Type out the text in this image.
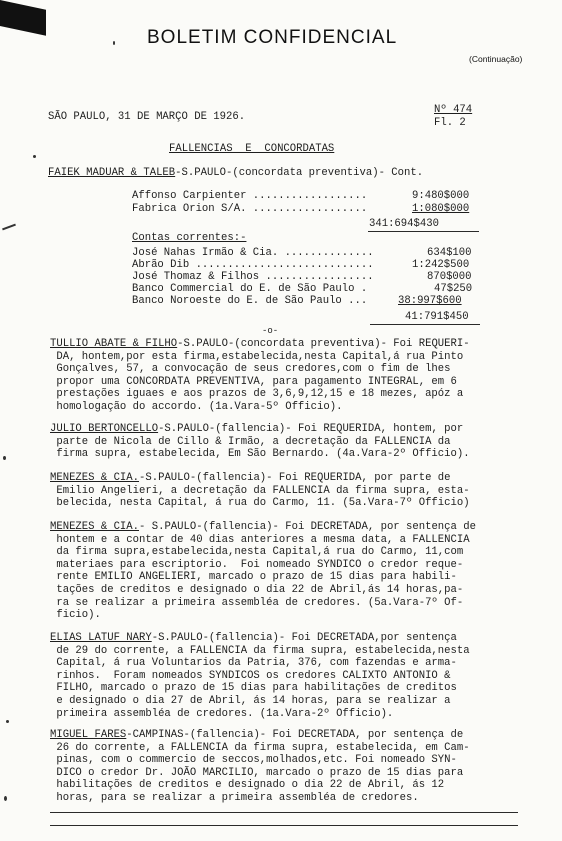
BOLETIM CONFIDENCIAL
(Continuação)
SÃO PAULO, 31 DE MARÇO DE 1926.
Nº 474
Fl. 2
FALLENCIAS  E  CONCORDATAS
FAIEK MADUAR & TALEB-S.PAULO-(concordata preventiva)- Cont.
Affonso Carpienter ..................	9:480$000
Fabrica Orion S/A. ..................	1:080$000
341:694$430
Contas correntes:-
José Nahas Irmão & Cia. ..............	634$100
Abrão Dib ............................	1:242$500
José Thomaz & Filhos .................	870$000
Banco Commercial do E. de São Paulo .	47$250
Banco Noroeste do E. de São Paulo ...	38:997$600
41:791$450
-o-
TULLIO ABATE & FILHO-S.PAULO-(concordata preventiva)- Foi REQUERI-
DA, hontem,por esta firma,estabelecida,nesta Capital,á rua Pinto
Gonçalves, 57, a convocação de seus credores,com o fim de lhes
propor uma CONCORDATA PREVENTIVA, para pagamento INTEGRAL, em 6
prestações iguaes e aos prazos de 3,6,9,12,15 e 18 mezes, apóz a
homologação do accordo. (1a.Vara-5º Officio).
JULIO BERTONCELLO-S.PAULO-(fallencia)- Foi REQUERIDA, hontem, por
parte de Nicola de Cillo & Irmão, a decretação da FALLENCIA da
firma supra, estabelecida, Em São Bernardo. (4a.Vara-2º Officio).
MENEZES & CIA.-S.PAULO-(fallencia)- Foi REQUERIDA, por parte de
Emilio Angelieri, a decretação da FALLENCIA da firma supra, esta-
belecida, nesta Capital, á rua do Carmo, 11. (5a.Vara-7º Officio)
MENEZES & CIA.- S.PAULO-(fallencia)- Foi DECRETADA, por sentença de
hontem e a contar de 40 dias anteriores a mesma data, a FALLENCIA
da firma supra,estabelecida,nesta Capital,á rua do Carmo, 11,com
materiaes para escriptorio.  Foi nomeado SYNDICO o credor reque-
rente EMILIO ANGELIERI, marcado o prazo de 15 dias para habili-
tações de creditos e designado o dia 22 de Abril,ás 14 horas,pa-
ra se realizar a primeira assembléa de credores. (5a.Vara-7º Of-
ficio).
ELIAS LATUF NARY-S.PAULO-(fallencia)- Foi DECRETADA,por sentença
de 29 do corrente, a FALLENCIA da firma supra, estabelecida,nesta
Capital, á rua Voluntarios da Patria, 376, com fazendas e arma-
rinhos.  Foram nomeados SYNDICOS os credores CALIXTO ANTONIO &
FILHO, marcado o prazo de 15 dias para habilitações de creditos
e designado o dia 27 de Abril, ás 14 horas, para se realizar a
primeira assembléa de credores. (1a.Vara-2º Officio).
MIGUEL FARES-CAMPINAS-(fallencia)- Foi DECRETADA, por sentença de
26 do corrente, a FALLENCIA da firma supra, estabelecida, em Cam-
pinas, com o commercio de seccos,molhados,etc. Foi nomeado SYN-
DICO o credor Dr. JOÃO MARCILIO, marcado o prazo de 15 dias para
habilitações de creditos e designado o dia 22 de Abril, ás 12
horas, para se realizar a primeira assembléa de credores.
